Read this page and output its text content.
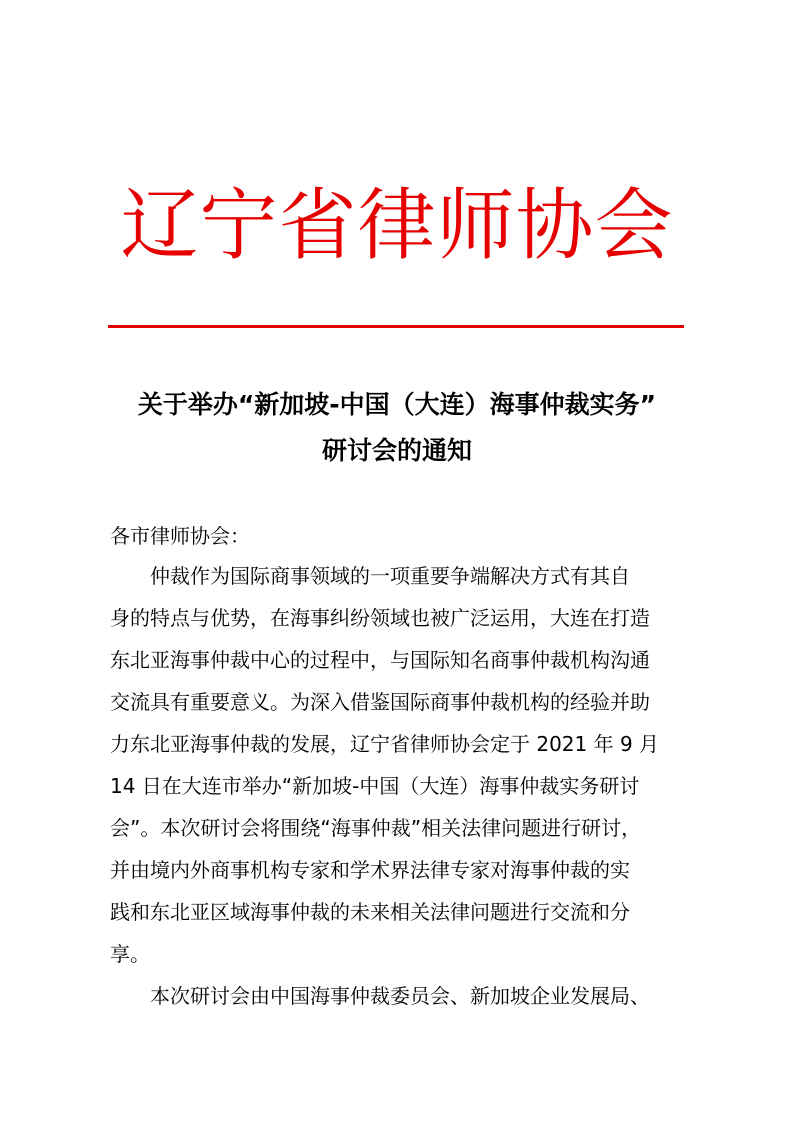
辽宁省律师协会
关于举办“新加坡-中国（大连）海事仲裁实务”
研讨会的通知
各市律师协会：
仲裁作为国际商事领域的一项重要争端解决方式有其自
身的特点与优势，在海事纠纷领域也被广泛运用，大连在打造
东北亚海事仲裁中心的过程中，与国际知名商事仲裁机构沟通
交流具有重要意义。为深入借鉴国际商事仲裁机构的经验并助
力东北亚海事仲裁的发展，辽宁省律师协会定于 2021 年 9 月
14 日在大连市举办“新加坡-中国（大连）海事仲裁实务研讨
会”。本次研讨会将围绕“海事仲裁”相关法律问题进行研讨，
并由境内外商事机构专家和学术界法律专家对海事仲裁的实
践和东北亚区域海事仲裁的未来相关法律问题进行交流和分
享。
本次研讨会由中国海事仲裁委员会、新加坡企业发展局、
